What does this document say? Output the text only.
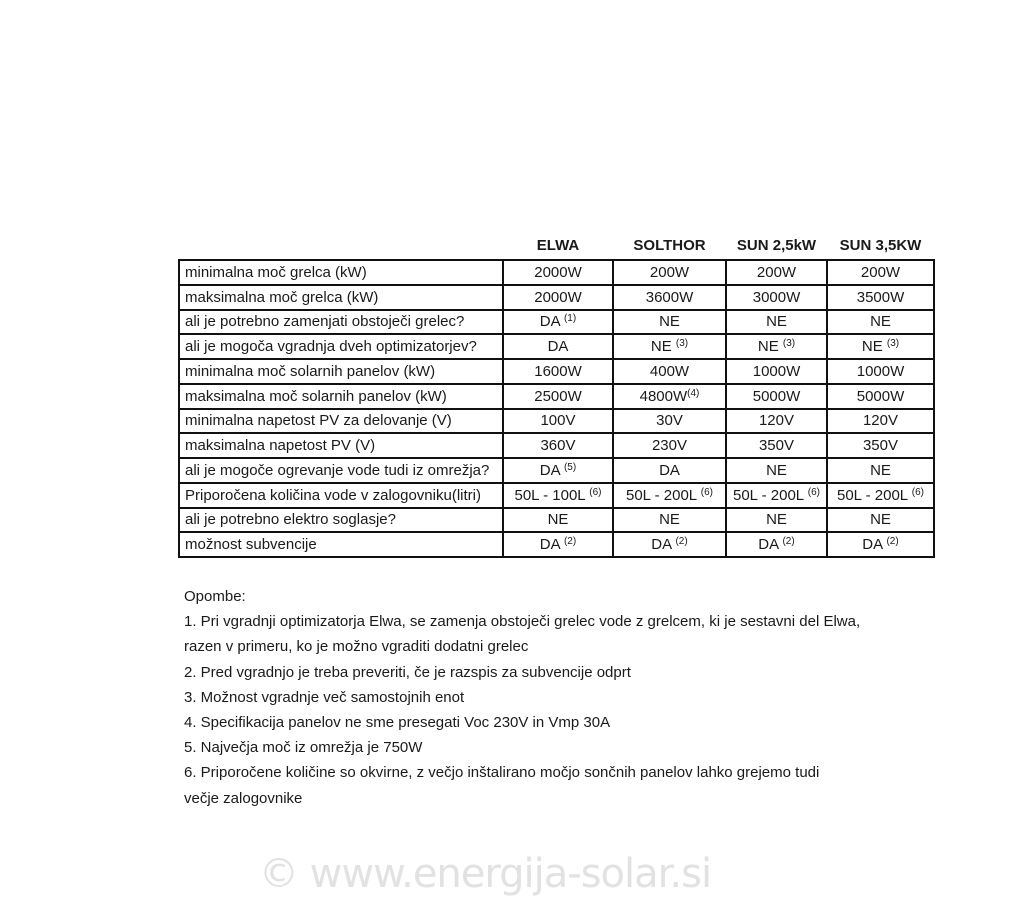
	ELWA	SOLTHOR	SUN 2,5kW	SUN 3,5KW
minimalna moč grelca (kW)	2000W	200W	200W	200W
maksimalna moč grelca (kW)	2000W	3600W	3000W	3500W
ali je potrebno zamenjati obstoječi grelec?	DA (1)	NE	NE	NE
ali je mogoča vgradnja dveh optimizatorjev?	DA	NE (3)	NE (3)	NE (3)
minimalna moč solarnih panelov (kW)	1600W	400W	1000W	1000W
maksimalna moč solarnih panelov (kW)	2500W	4800W(4)	5000W	5000W
minimalna napetost PV za delovanje (V)	100V	30V	120V	120V
maksimalna napetost PV (V)	360V	230V	350V	350V
ali je mogoče ogrevanje vode tudi iz omrežja?	DA (5)	DA	NE	NE
Priporočena količina vode v zalogovniku(litri)	50L - 100L (6)	50L - 200L (6)	50L - 200L (6)	50L - 200L (6)
ali je potrebno elektro soglasje?	NE	NE	NE	NE
možnost subvencije	DA (2)	DA (2)	DA (2)	DA (2)
Opombe:
1. Pri vgradnji optimizatorja Elwa, se zamenja obstoječi grelec vode z grelcem, ki je sestavni del Elwa,
razen v primeru, ko je možno vgraditi dodatni grelec
2. Pred vgradnjo je treba preveriti, če je razspis za subvencije odprt
3. Možnost vgradnje več samostojnih enot
4. Specifikacija panelov ne sme presegati Voc 230V in Vmp 30A
5. Največja moč iz omrežja je 750W
6. Priporočene količine so okvirne, z večjo inštalirano močjo sončnih panelov lahko grejemo tudi
večje zalogovnike
© www.energija-solar.si
